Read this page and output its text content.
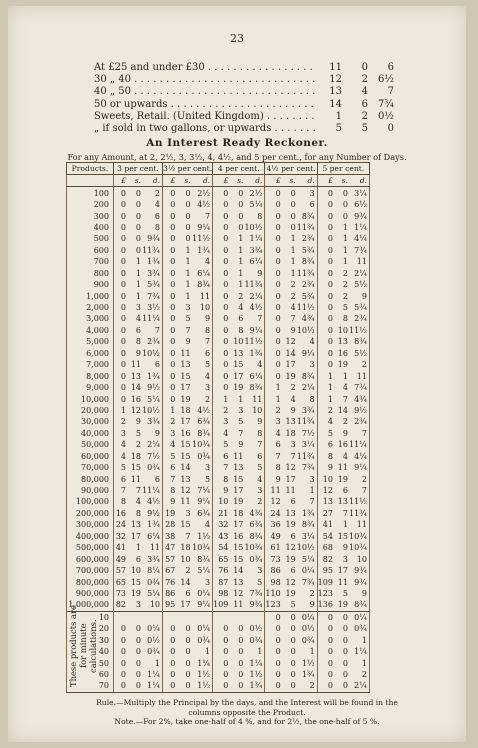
23
At £25 and under £30 . . .	11	0	6
30 „ 40 . . .	12	2 6½
40 „ 50 . . .	13	4	7
50 or upwards . . .	14	6 7¾
Sweets, Retail. (United Kingdom) . . .	1	2 0½
„ if sold in two gallons, or upwards . . .	5	5	0
An Interest Ready Reckoner.
For any Amount, at 2, 2½, 3, 3½, 4, 4½, and 5 per cent., for any Number of Days.
Products.	3 per cent.			3½ per cent.			4 per cent.			4½ per cent.			5 per cent.		
	£	s.	d.	£	s.	d.	£	s.	d.	£	s.	d.	£	s.	d.
100	0	0	2	0	0	2½	0	0	2½	0	0	3	0	0	3¼
200	0	0	4	0	0	4½	0	0	5¼	0	0	6	0	0	6½
300	0	0	6	0	0	7	0	0	8	0	0	8¾	0	0	9¾
400	0	0	8	0	0	9¼	0	0	10½	0	0	11¾	0	1	1¼
500	0	0	9¾	0	0	11½	0	1	1¼	0	1	2¾	0	1	4¼
600	0	0	11¾	0	1	1¾	0	1	3¾	0	1	5¾	0	1	7¾
700	0	1	1¾	0	1	4	0	1	6¼	0	1	8¾	0	1	11
800	0	1	3¾	0	1	6¼	0	1	9	0	1	11¾	0	2	2¼
900	0	1	5¾	0	1	8¾	0	1	11¾	0	2	2¾	0	2	5½
1,000	0	1	7¾	0	1	11	0	2	2¼	0	2	5¾	0	2	9
2,000	0	3	3½	0	3	10	0	4	4½	0	4	11½	0	5	5¾
3,000	0	4	11¼	0	5	9	0	6	7	0	7	4¾	0	8	2¾
4,000	0	6	7	0	7	8	0	8	9¼	0	9	10½	0	10	11½
5,000	0	8	2¾	0	9	7	0	10	11½	0	12	4	0	13	8¾
6,000	0	9	10½	0	11	6	0	13	1¾	0	14	9¼	0	16	5½
7,000	0	11	6	0	13	5	0	15	4	0	17	3	0	19	2
8,000	0	13	1¾	0	15	4	0	17	6¼	0	19	8¾	1	1	11
9,000	0	14	9½	0	17	3	0	19	8¾	1	2	2¼	1	4	7¾
10,000	0	16	5¼	0	19	2	1	1	11	1	4	8	1	7	4¾
20,000	1	12	10½	1	18	4½	2	3	10	2	9	3¾	2	14	9½
30,000	2	9	3¾	2	17	6¾	3	5	9	3	13	11¾	4	2	2¾
40,000	3	5	9	3	16	8¾	4	7	8	4	18	7½	5	9	7
50,000	4	2	2¼	4	15	10¾	5	9	7	6	3	3¼	6	16	11¼
60,000	4	18	7½	5	15	0¾	6	11	6	7	7	11¾	8	4	4¼
70,000	5	15	0¾	6	14	3	7	13	5	8	12	7¾	9	11	9¼
80,000	6	11	6	7	13	5	8	15	4	9	17	3	10	19	2
90,000	7	7	11¼	8	12	7¼	9	17	3	11	11	1	12	6	7
100,000	8	4	4½	9	11	9¼	10	19	2	12	6	7	13	13	11½
200,000	16	8	9½	19	3	6¾	21	18	4¾	24	13	1¾	27	7	11¾
300,000	24	13	1¾	28	15	4	32	17	6¾	36	19	8¾	41	1	11
400,000	32	17	6¼	38	7	1½	43	16	8¾	49	6	3¼	54	15	10¾
500,000	41	1	11	47	18	10¾	54	15	10¾	61	12	10½	68	9	10¾
600,000	49	6	3¾	57	10	8¾	65	15	0¾	73	19	5¼	82	3	10
700,000	57	10	8¼	67	2	5¼	76	14	3	86	6	0¼	95	17	9¾
800,000	65	15	0¾	76	14	3	87	13	5	98	12	7¾	109	11	9¾
900,000	73	19	5¼	86	6	0¼	98	12	7¾	110	19	2	123	5	9
1,000,000	82	3	10	95	17	9¼	109	11	9¾	123	5	9	136	19	8¾
10										0	0	0¼	0	0	0¼
20	0	0	0¼	0	0	0¼	0	0	0½	0	0	0½	0	0	0¾
30	0	0	0½	0	0	0¾	0	0	0¾	0	0	0¾	0	0	1
40	0	0	0¾	0	0	1	0	0	1	0	0	1	0	0	1¼
50	0	0	1	0	0	1¼	0	0	1¼	0	0	1½	0	0	1
60	0	0	1¼	0	0	1½	0	0	1½	0	0	1¾	0	0	2
70	0	0	1¼	0	0	1½	0	0	1¾	0	0	2	0	0	2¼
These products are for minute calculations.
Rule.—Multiply the Principal by the days, and the Interest will be found in the columns opposite the Product.
Note.—For 2%, take one-half of 4 %, and for 2½, the one-half of 5 %.
